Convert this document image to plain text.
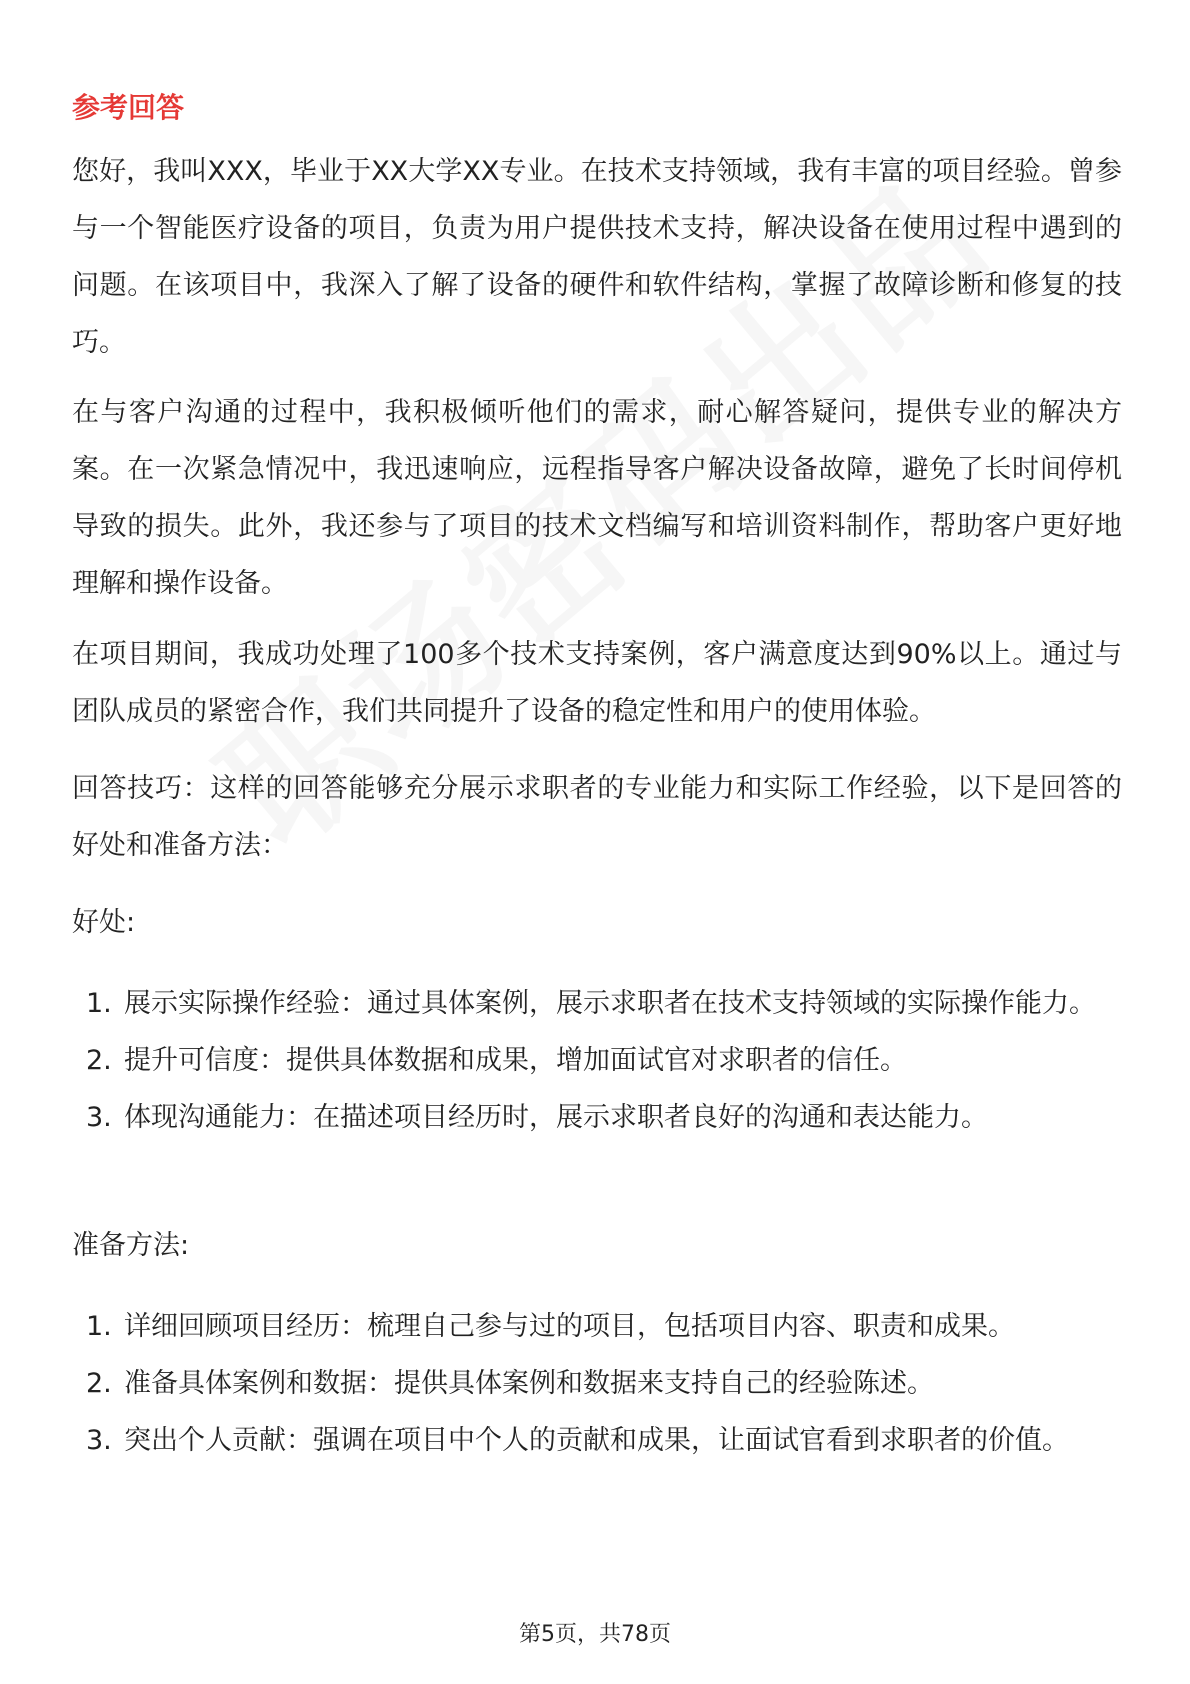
参考回答

您好，我叫XXX，毕业于XX大学XX专业。在技术支持领域，我有丰富的项目经验。曾参与一个智能医疗设备的项目，负责为用户提供技术支持，解决设备在使用过程中遇到的问题。在该项目中，我深入了解了设备的硬件和软件结构，掌握了故障诊断和修复的技巧。

在与客户沟通的过程中，我积极倾听他们的需求，耐心解答疑问，提供专业的解决方案。在一次紧急情况中，我迅速响应，远程指导客户解决设备故障，避免了长时间停机导致的损失。此外，我还参与了项目的技术文档编写和培训资料制作，帮助客户更好地理解和操作设备。

在项目期间，我成功处理了100多个技术支持案例，客户满意度达到90%以上。通过与团队成员的紧密合作，我们共同提升了设备的稳定性和用户的使用体验。

回答技巧：这样的回答能够充分展示求职者的专业能力和实际工作经验，以下是回答的好处和准备方法：

好处:

1. 展示实际操作经验：通过具体案例，展示求职者在技术支持领域的实际操作能力。
2. 提升可信度：提供具体数据和成果，增加面试官对求职者的信任。
3. 体现沟通能力：在描述项目经历时，展示求职者良好的沟通和表达能力。

准备方法:

1. 详细回顾项目经历：梳理自己参与过的项目，包括项目内容、职责和成果。
2. 准备具体案例和数据：提供具体案例和数据来支持自己的经验陈述。
3. 突出个人贡献：强调在项目中个人的贡献和成果，让面试官看到求职者的价值。
第5页，共78页
